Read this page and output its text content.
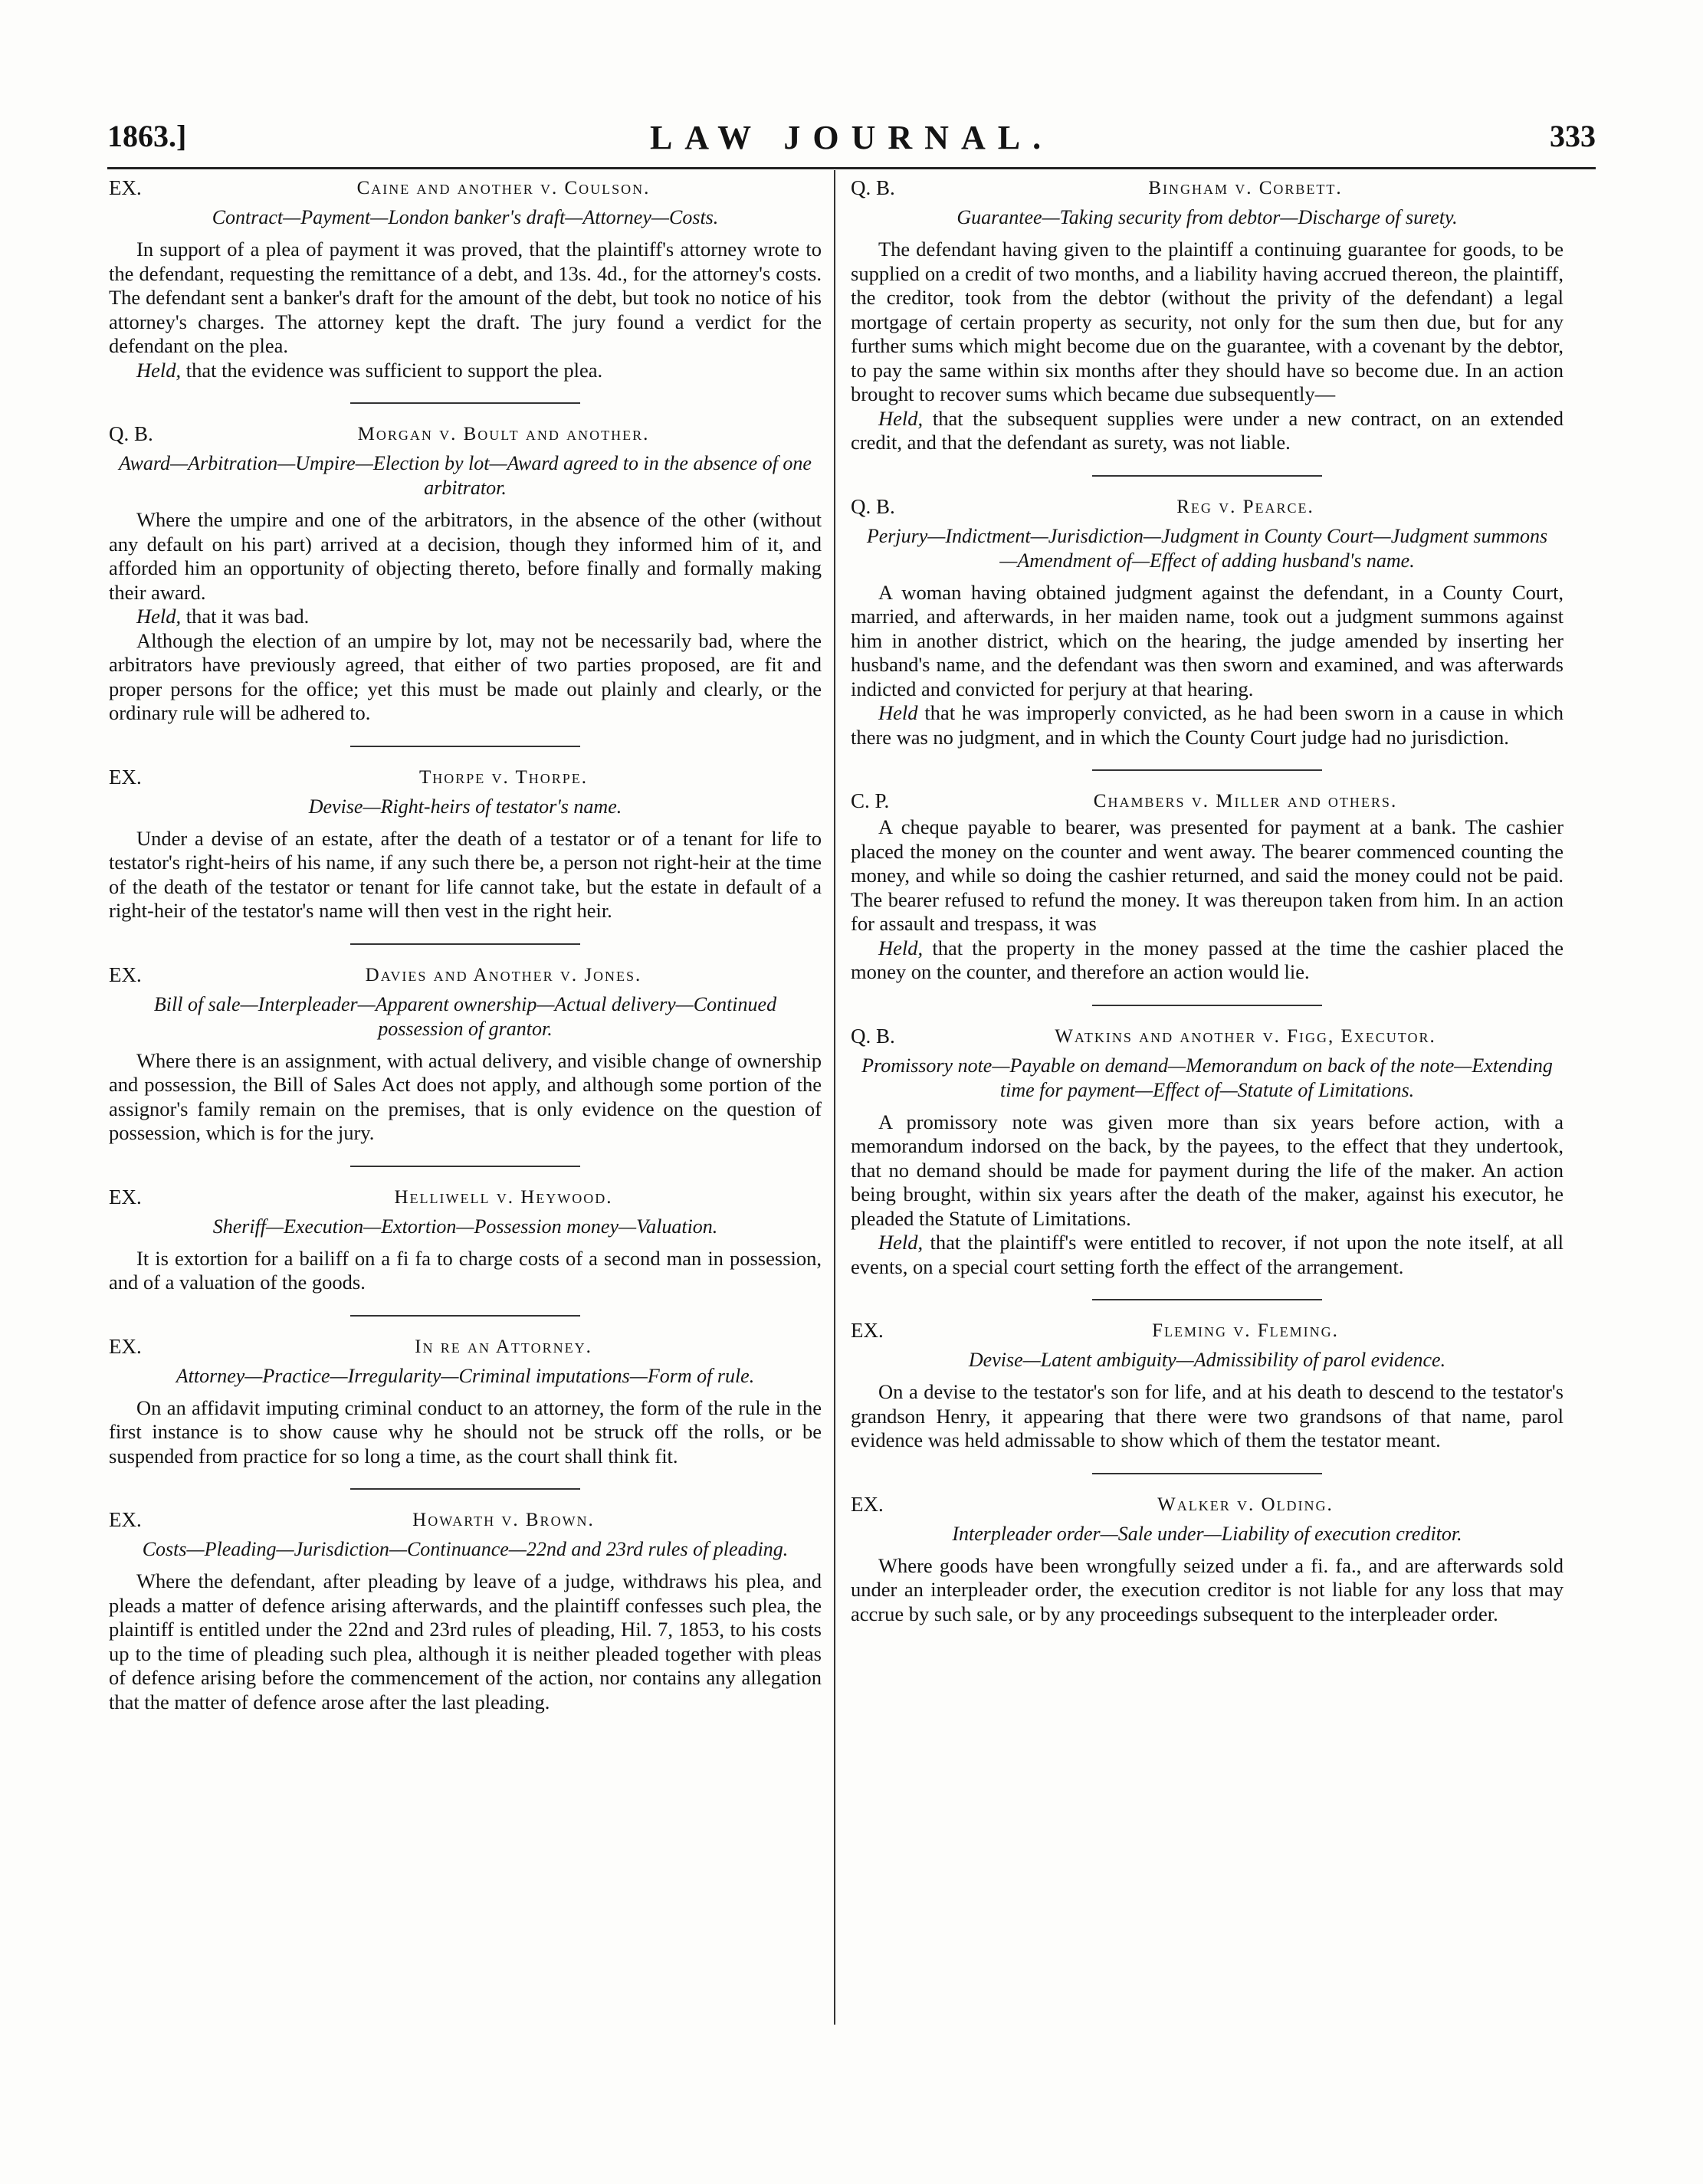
1863.]	LAW JOURNAL.	333
EX.	Caine and another v. Coulson.
Contract—Payment—London banker's draft—Attorney—Costs.

In support of a plea of payment it was proved, that the plaintiff's attorney wrote to the defendant, requesting the remittance of a debt, and 13s. 4d., for the attorney's costs. The defendant sent a banker's draft for the amount of the debt, but took no notice of his attorney's charges. The attorney kept the draft. The jury found a verdict for the defendant on the plea.

Held, that the evidence was sufficient to support the plea.

Q. B.	Morgan v. Boult and another.
Award—Arbitration—Umpire—Election by lot—Award agreed to in the absence of one arbitrator.

Where the umpire and one of the arbitrators, in the absence of the other (without any default on his part) arrived at a decision, though they informed him of it, and afforded him an opportunity of objecting thereto, before finally and formally making their award.

Held, that it was bad.

Although the election of an umpire by lot, may not be necessarily bad, where the arbitrators have previously agreed, that either of two parties proposed, are fit and proper persons for the office; yet this must be made out plainly and clearly, or the ordinary rule will be adhered to.

EX.	Thorpe v. Thorpe.
Devise—Right-heirs of testator's name.

Under a devise of an estate, after the death of a testator or of a tenant for life to testator's right-heirs of his name, if any such there be, a person not right-heir at the time of the death of the testator or tenant for life cannot take, but the estate in default of a right-heir of the testator's name will then vest in the right heir.

EX.	Davies and Another v. Jones.
Bill of sale—Interpleader—Apparent ownership—Actual delivery—Continued possession of grantor.

Where there is an assignment, with actual delivery, and visible change of ownership and possession, the Bill of Sales Act does not apply, and although some portion of the assignor's family remain on the premises, that is only evidence on the question of possession, which is for the jury.

EX.	Helliwell v. Heywood.
Sheriff—Execution—Extortion—Possession money—Valuation.

It is extortion for a bailiff on a fi fa to charge costs of a second man in possession, and of a valuation of the goods.

EX.	In re an Attorney.
Attorney—Practice—Irregularity—Criminal imputations—Form of rule.

On an affidavit imputing criminal conduct to an attorney, the form of the rule in the first instance is to show cause why he should not be struck off the rolls, or be suspended from practice for so long a time, as the court shall think fit.

EX.	Howarth v. Brown.
Costs—Pleading—Jurisdiction—Continuance—22nd and 23rd rules of pleading.

Where the defendant, after pleading by leave of a judge, withdraws his plea, and pleads a matter of defence arising afterwards, and the plaintiff confesses such plea, the plaintiff is entitled under the 22nd and 23rd rules of pleading, Hil. 7, 1853, to his costs up to the time of pleading such plea, although it is neither pleaded together with pleas of defence arising before the commencement of the action, nor contains any allegation that the matter of defence arose after the last pleading.

Q. B.	Bingham v. Corbett.
Guarantee—Taking security from debtor—Discharge of surety.

The defendant having given to the plaintiff a continuing guarantee for goods, to be supplied on a credit of two months, and a liability having accrued thereon, the plaintiff, the creditor, took from the debtor (without the privity of the defendant) a legal mortgage of certain property as security, not only for the sum then due, but for any further sums which might become due on the guarantee, with a covenant by the debtor, to pay the same within six months after they should have so become due. In an action brought to recover sums which became due subsequently—

Held, that the subsequent supplies were under a new contract, on an extended credit, and that the defendant as surety, was not liable.

Q. B.	Reg v. Pearce.
Perjury—Indictment—Jurisdiction—Judgment in County Court—Judgment summons—Amendment of—Effect of adding husband's name.

A woman having obtained judgment against the defendant, in a County Court, married, and afterwards, in her maiden name, took out a judgment summons against him in another district, which on the hearing, the judge amended by inserting her husband's name, and the defendant was then sworn and examined, and was afterwards indicted and convicted for perjury at that hearing.

Held that he was improperly convicted, as he had been sworn in a cause in which there was no judgment, and in which the County Court judge had no jurisdiction.

C. P.	Chambers v. Miller and others.

A cheque payable to bearer, was presented for payment at a bank. The cashier placed the money on the counter and went away. The bearer commenced counting the money, and while so doing the cashier returned, and said the money could not be paid. The bearer refused to refund the money. It was thereupon taken from him. In an action for assault and trespass, it was

Held, that the property in the money passed at the time the cashier placed the money on the counter, and therefore an action would lie.

Q. B.	Watkins and another v. Figg, Executor.
Promissory note—Payable on demand—Memorandum on back of the note—Extending time for payment—Effect of—Statute of Limitations.

A promissory note was given more than six years before action, with a memorandum indorsed on the back, by the payees, to the effect that they undertook, that no demand should be made for payment during the life of the maker. An action being brought, within six years after the death of the maker, against his executor, he pleaded the Statute of Limitations.

Held, that the plaintiff's were entitled to recover, if not upon the note itself, at all events, on a special court setting forth the effect of the arrangement.

EX.	Fleming v. Fleming.
Devise—Latent ambiguity—Admissibility of parol evidence.

On a devise to the testator's son for life, and at his death to descend to the testator's grandson Henry, it appearing that there were two grandsons of that name, parol evidence was held admissable to show which of them the testator meant.

EX.	Walker v. Olding.
Interpleader order—Sale under—Liability of execution creditor.

Where goods have been wrongfully seized under a fi. fa., and are afterwards sold under an interpleader order, the execution creditor is not liable for any loss that may accrue by such sale, or by any proceedings subsequent to the interpleader order.
